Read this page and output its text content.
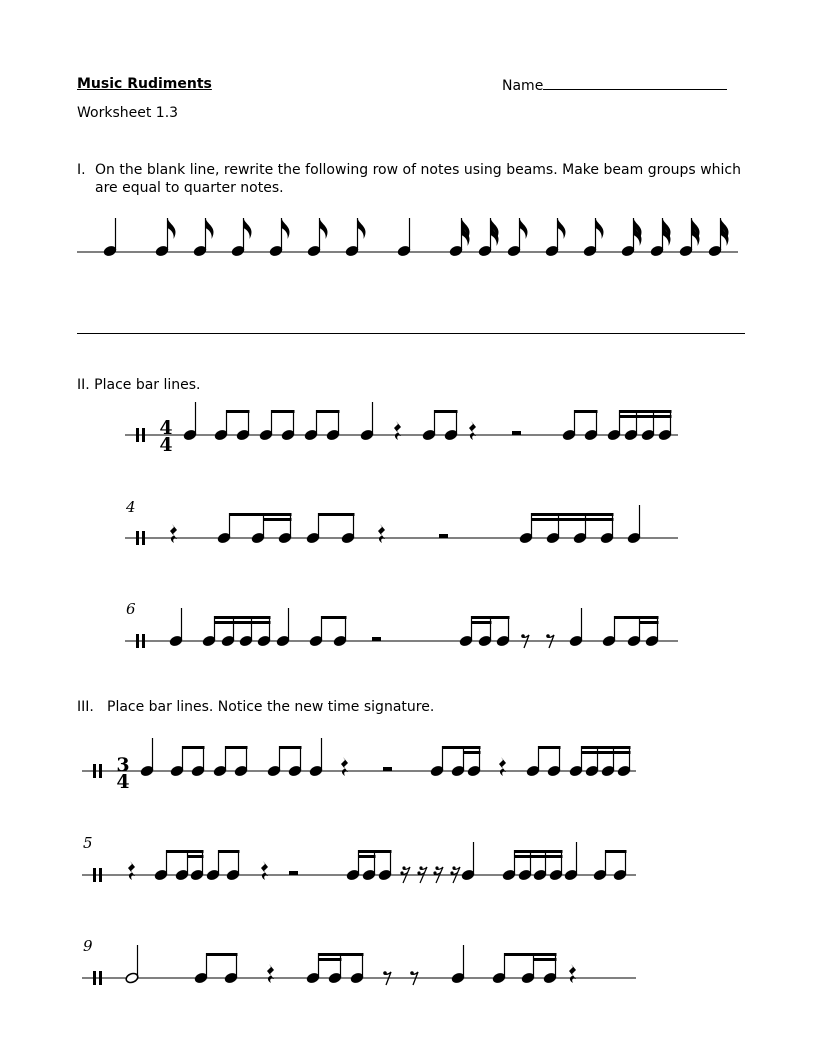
Music Rudiments	Name
Worksheet 1.3
I. On the blank line, rewrite the following row of notes using beams. Make beam groups which are equal to quarter notes.
II. Place bar lines.
III. Place bar lines. Notice the new time signature.
4
4
4
6
3
4
5
9
